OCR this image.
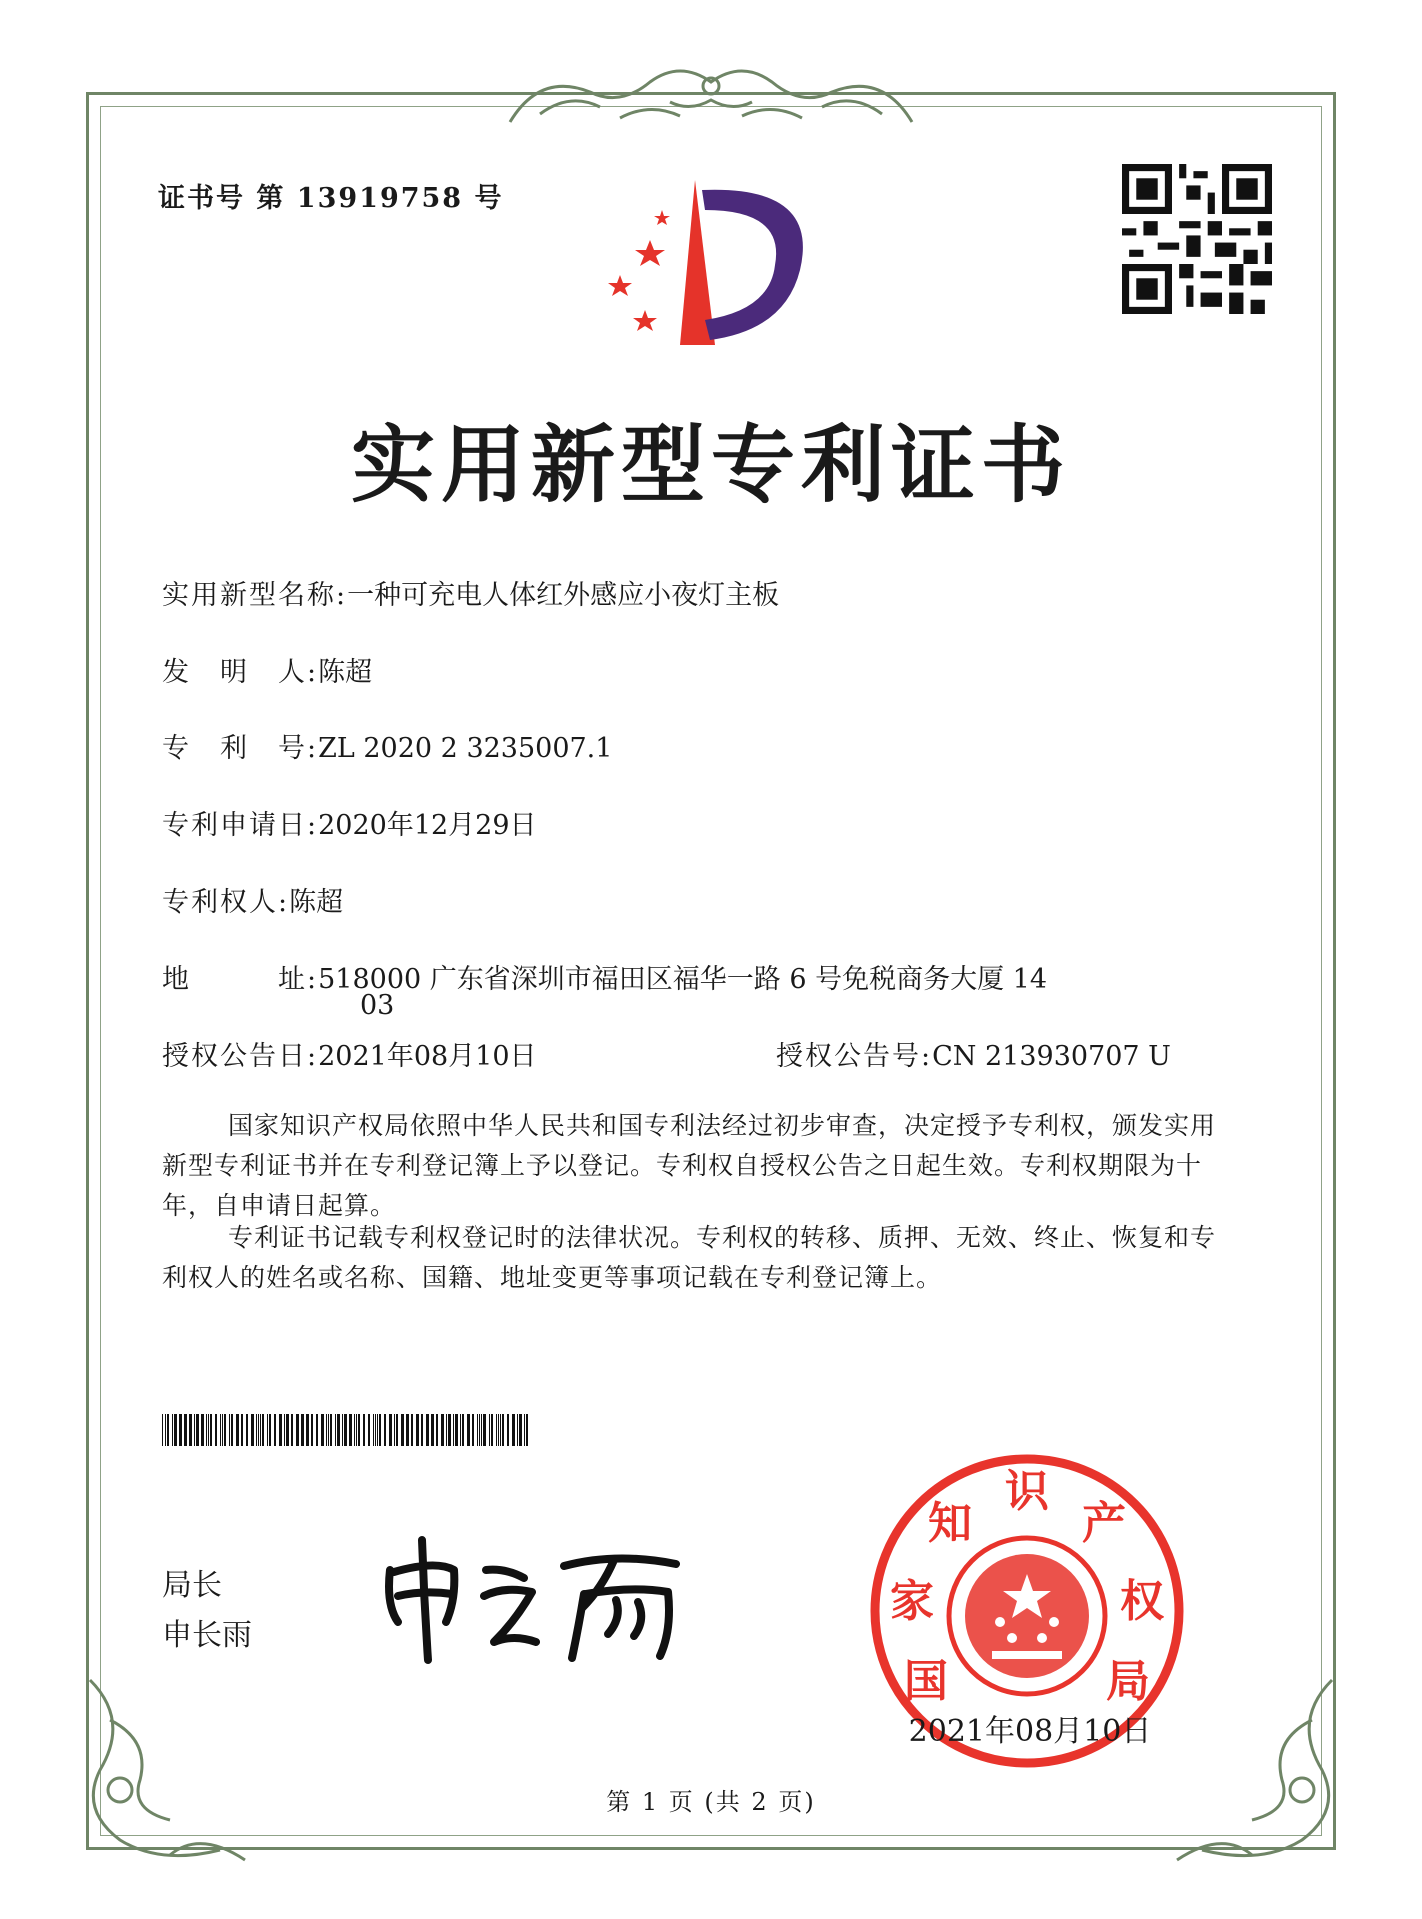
证书号 第 13919758 号
实用新型专利证书
实用新型名称:一种可充电人体红外感应小夜灯主板
发　明　人:陈超
专　利　号:ZL 2020 2 3235007.1
专利申请日:2020年12月29日
专利权人:陈超
地　　　址:518000 广东省深圳市福田区福华一路 6 号免税商务大厦 14
03
授权公告日:2021年08月10日	授权公告号:CN 213930707 U
国家知识产权局依照中华人民共和国专利法经过初步审查，决定授予专利权，颁发实用
新型专利证书并在专利登记簿上予以登记。专利权自授权公告之日起生效。专利权期限为十
年，自申请日起算。
专利证书记载专利权登记时的法律状况。专利权的转移、质押、无效、终止、恢复和专
利权人的姓名或名称、国籍、地址变更等事项记载在专利登记簿上。
局长
申长雨
国
家
知
识
产
权
局
2021年08月10日
第 1 页 (共 2 页)
